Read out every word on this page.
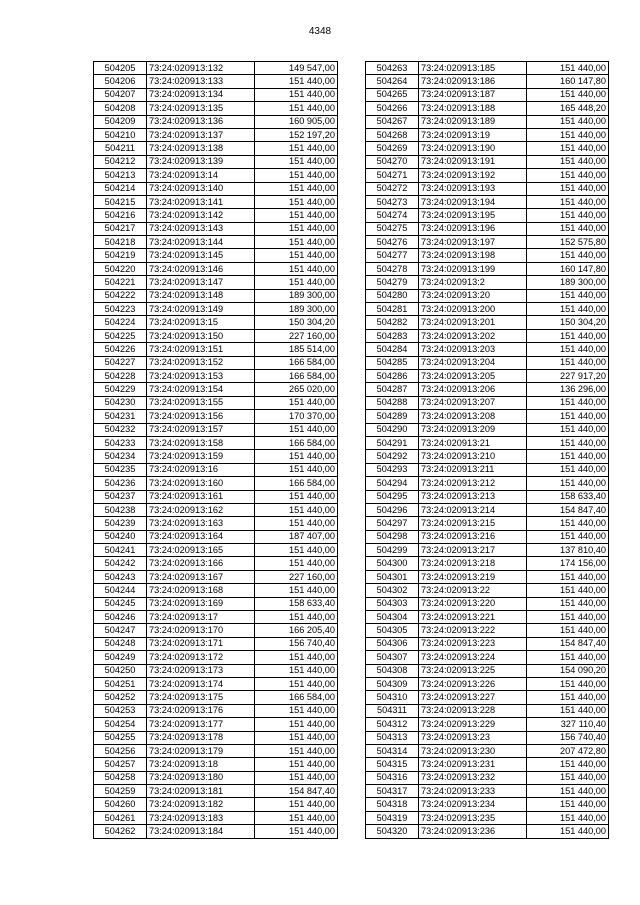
4348
504205	73:24:020913:132	149 547,00
504206	73:24:020913:133	151 440,00
504207	73:24:020913:134	151 440,00
504208	73:24:020913:135	151 440,00
504209	73:24:020913:136	160 905,00
504210	73:24:020913:137	152 197,20
504211	73:24:020913:138	151 440,00
504212	73:24:020913:139	151 440,00
504213	73:24:020913:14	151 440,00
504214	73:24:020913:140	151 440,00
504215	73:24:020913:141	151 440,00
504216	73:24:020913:142	151 440,00
504217	73:24:020913:143	151 440,00
504218	73:24:020913:144	151 440,00
504219	73:24:020913:145	151 440,00
504220	73:24:020913:146	151 440,00
504221	73:24:020913:147	151 440,00
504222	73:24:020913:148	189 300,00
504223	73:24:020913:149	189 300,00
504224	73:24:020913:15	150 304,20
504225	73:24:020913:150	227 160,00
504226	73:24:020913:151	185 514,00
504227	73:24:020913:152	166 584,00
504228	73:24:020913:153	166 584,00
504229	73:24:020913:154	265 020,00
504230	73:24:020913:155	151 440,00
504231	73:24:020913:156	170 370,00
504232	73:24:020913:157	151 440,00
504233	73:24:020913:158	166 584,00
504234	73:24:020913:159	151 440,00
504235	73:24:020913:16	151 440,00
504236	73:24:020913:160	166 584,00
504237	73:24:020913:161	151 440,00
504238	73:24:020913:162	151 440,00
504239	73:24:020913:163	151 440,00
504240	73:24:020913:164	187 407,00
504241	73:24:020913:165	151 440,00
504242	73:24:020913:166	151 440,00
504243	73:24:020913:167	227 160,00
504244	73:24:020913:168	151 440,00
504245	73:24:020913:169	158 633,40
504246	73:24:020913:17	151 440,00
504247	73:24:020913:170	166 205,40
504248	73:24:020913:171	156 740,40
504249	73:24:020913:172	151 440,00
504250	73:24:020913:173	151 440,00
504251	73:24:020913:174	151 440,00
504252	73:24:020913:175	166 584,00
504253	73:24:020913:176	151 440,00
504254	73:24:020913:177	151 440,00
504255	73:24:020913:178	151 440,00
504256	73:24:020913:179	151 440,00
504257	73:24:020913:18	151 440,00
504258	73:24:020913:180	151 440,00
504259	73:24:020913:181	154 847,40
504260	73:24:020913:182	151 440,00
504261	73:24:020913:183	151 440,00
504262	73:24:020913:184	151 440,00
504263	73:24:020913:185	151 440,00
504264	73:24:020913:186	160 147,80
504265	73:24:020913:187	151 440,00
504266	73:24:020913:188	165 448,20
504267	73:24:020913:189	151 440,00
504268	73:24:020913:19	151 440,00
504269	73:24:020913:190	151 440,00
504270	73:24:020913:191	151 440,00
504271	73:24:020913:192	151 440,00
504272	73:24:020913:193	151 440,00
504273	73:24:020913:194	151 440,00
504274	73:24:020913:195	151 440,00
504275	73:24:020913:196	151 440,00
504276	73:24:020913:197	152 575,80
504277	73:24:020913:198	151 440,00
504278	73:24:020913:199	160 147,80
504279	73:24:020913:2	189 300,00
504280	73:24:020913:20	151 440,00
504281	73:24:020913:200	151 440,00
504282	73:24:020913:201	150 304,20
504283	73:24:020913:202	151 440,00
504284	73:24:020913:203	151 440,00
504285	73:24:020913:204	151 440,00
504286	73:24:020913:205	227 917,20
504287	73:24:020913:206	136 296,00
504288	73:24:020913:207	151 440,00
504289	73:24:020913:208	151 440,00
504290	73:24:020913:209	151 440,00
504291	73:24:020913:21	151 440,00
504292	73:24:020913:210	151 440,00
504293	73:24:020913:211	151 440,00
504294	73:24:020913:212	151 440,00
504295	73:24:020913:213	158 633,40
504296	73:24:020913:214	154 847,40
504297	73:24:020913:215	151 440,00
504298	73:24:020913:216	151 440,00
504299	73:24:020913:217	137 810,40
504300	73:24:020913:218	174 156,00
504301	73:24:020913:219	151 440,00
504302	73:24:020913:22	151 440,00
504303	73:24:020913:220	151 440,00
504304	73:24:020913:221	151 440,00
504305	73:24:020913:222	151 440,00
504306	73:24:020913:223	154 847,40
504307	73:24:020913:224	151 440,00
504308	73:24:020913:225	154 090,20
504309	73:24:020913:226	151 440,00
504310	73:24:020913:227	151 440,00
504311	73:24:020913:228	151 440,00
504312	73:24:020913:229	327 110,40
504313	73:24:020913:23	156 740,40
504314	73:24:020913:230	207 472,80
504315	73:24:020913:231	151 440,00
504316	73:24:020913:232	151 440,00
504317	73:24:020913:233	151 440,00
504318	73:24:020913:234	151 440,00
504319	73:24:020913:235	151 440,00
504320	73:24:020913:236	151 440,00
